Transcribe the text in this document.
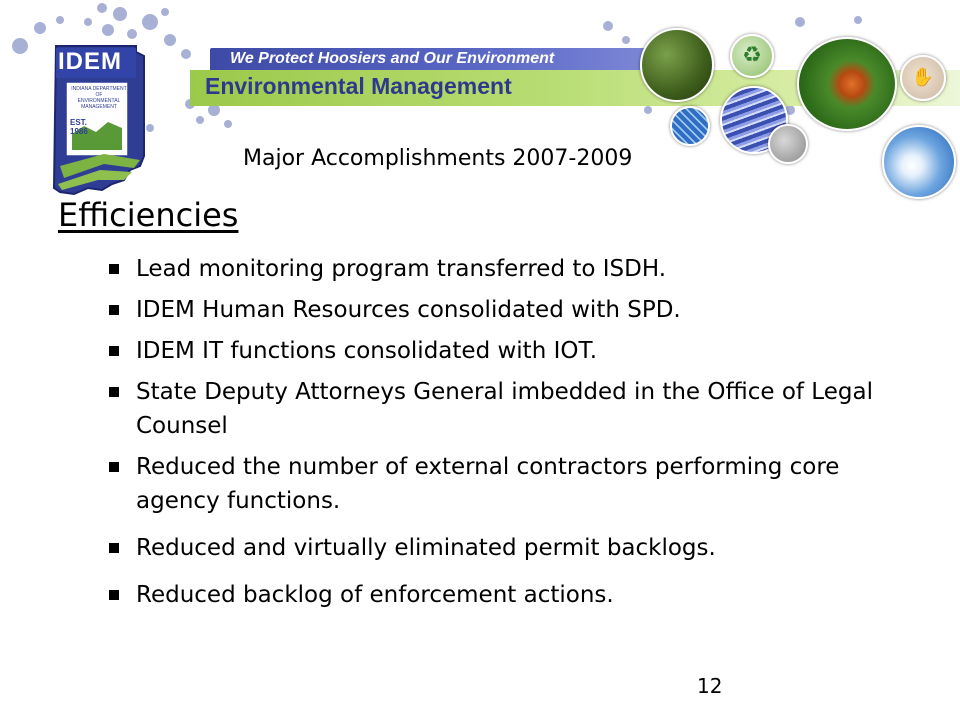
We Protect Hoosiers and Our Environment
Environmental Management
INDIANA DEPARTMENT
OF
ENVIRONMENTAL
MANAGEMENT
EST.
1986
IDEM	♻
✋
Major Accomplishments 2007-2009
Efficiencies
Lead monitoring program transferred to ISDH.
IDEM Human Resources consolidated with SPD.
IDEM IT functions consolidated with IOT.
State Deputy Attorneys General imbedded in the Office of Legal Counsel
Reduced the number of external contractors performing core agency functions.
Reduced and virtually eliminated permit backlogs.
Reduced backlog of enforcement actions.
12
